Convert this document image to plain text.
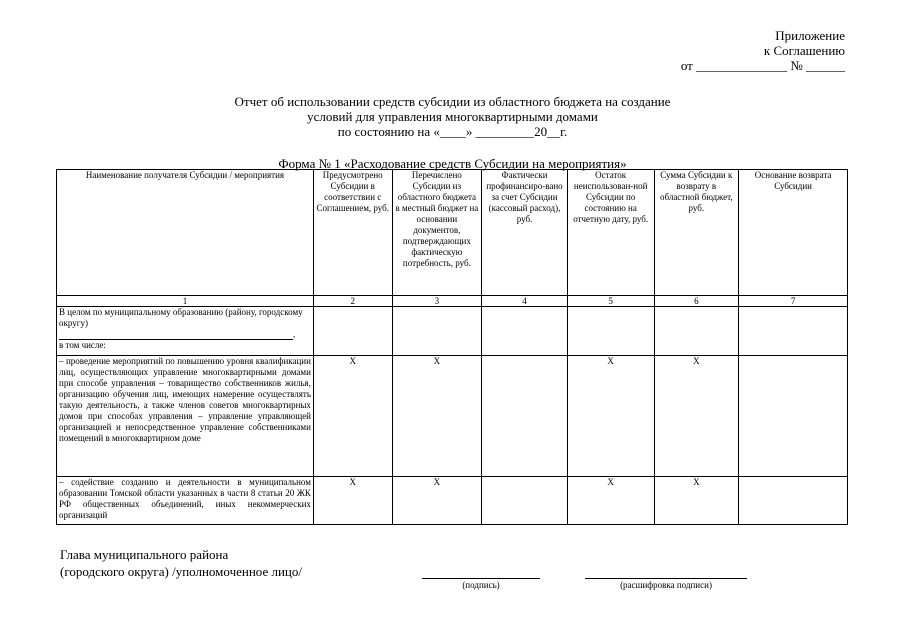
Приложение
к Соглашению
от ______________ № ______
Отчет об использовании средств субсидии из областного бюджета на создание
условий для управления многоквартирными домами
по состоянию на «____» _________20__г.
Форма № 1 «Расходование средств Субсидии на мероприятия»
Наименование получателя Субсидии / мероприятия	Предусмотрено Субсидии в соответствии с Соглашением, руб.	Перечислено Субсидии из областного бюджета в местный бюджет на основании документов, подтверждающих фактическую потребность, руб.	Фактически профинансиро-вано за счет Субсидии (кассовый расход), руб.	Остаток неиспользован-ной Субсидии по состоянию на отчетную дату, руб.	Сумма Субсидии к возврату в областной бюджет, руб.	Основание возврата Субсидии
1	2	3	4	5	6	7

В целом по муниципальному образованию (району, городскому округу)
,
в том числе:						

– проведение мероприятий по повышению уровня квалификации лиц, осуществляющих управление многоквартирными домами при способе управления – товарищество собственников жилья, организацию обучения лиц, имеющих намерение осуществлять такую деятельность, а также членов советов многоквартирных домов при способах управления – управление управляющей организацией и непосредственное управление собственниками помещений в многоквартирном доме	Х	Х		Х	Х	
– содействие созданию и деятельности в муниципальном образовании Томской области указанных в части 8 статьи 20 ЖК РФ общественных объединений, иных некоммерческих организаций	Х	Х		Х	Х	
Глава муниципального района
(городского округа) /уполномоченное лицо/
(подпись)	(расшифровка подписи)
